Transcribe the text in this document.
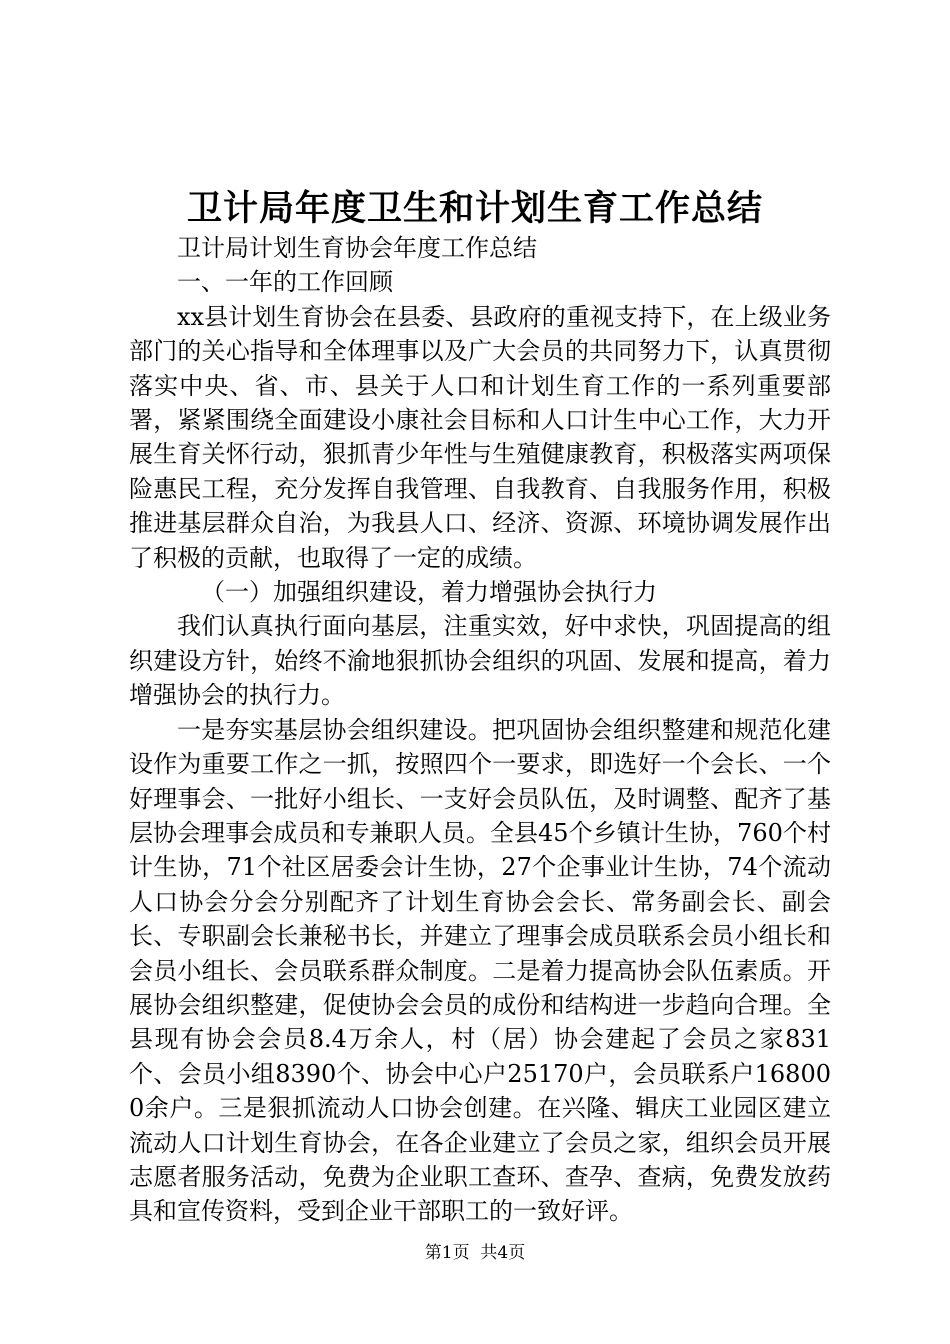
卫计局年度卫生和计划生育工作总结

卫计局计划生育协会年度工作总结

一、一年的工作回顾

xx县计划生育协会在县委、县政府的重视支持下，在上级业务部门的关心指导和全体理事以及广大会员的共同努力下，认真贯彻落实中央、省、市、县关于人口和计划生育工作的一系列重要部署，紧紧围绕全面建设小康社会目标和人口计生中心工作，大力开展生育关怀行动，狠抓青少年性与生殖健康教育，积极落实两项保险惠民工程，充分发挥自我管理、自我教育、自我服务作用，积极推进基层群众自治，为我县人口、经济、资源、环境协调发展作出了积极的贡献，也取得了一定的成绩。

（一）加强组织建设，着力增强协会执行力

我们认真执行面向基层，注重实效，好中求快，巩固提高的组织建设方针，始终不渝地狠抓协会组织的巩固、发展和提高，着力增强协会的执行力。

一是夯实基层协会组织建设。把巩固协会组织整建和规范化建设作为重要工作之一抓，按照四个一要求，即选好一个会长、一个好理事会、一批好小组长、一支好会员队伍，及时调整、配齐了基层协会理事会成员和专兼职人员。全县45个乡镇计生协，760个村计生协，71个社区居委会计生协，27个企事业计生协，74个流动人口协会分会分别配齐了计划生育协会会长、常务副会长、副会长、专职副会长兼秘书长，并建立了理事会成员联系会员小组长和会员小组长、会员联系群众制度。二是着力提高协会队伍素质。开展协会组织整建，促使协会会员的成份和结构进一步趋向合理。全县现有协会会员8.4万余人，村（居）协会建起了会员之家831个、会员小组8390个、协会中心户25170户，会员联系户168000余户。三是狠抓流动人口协会创建。在兴隆、辑庆工业园区建立流动人口计划生育协会，在各企业建立了会员之家，组织会员开展志愿者服务活动，免费为企业职工查环、查孕、查病，免费发放药具和宣传资料，受到企业干部职工的一致好评。

第1页 共4页
